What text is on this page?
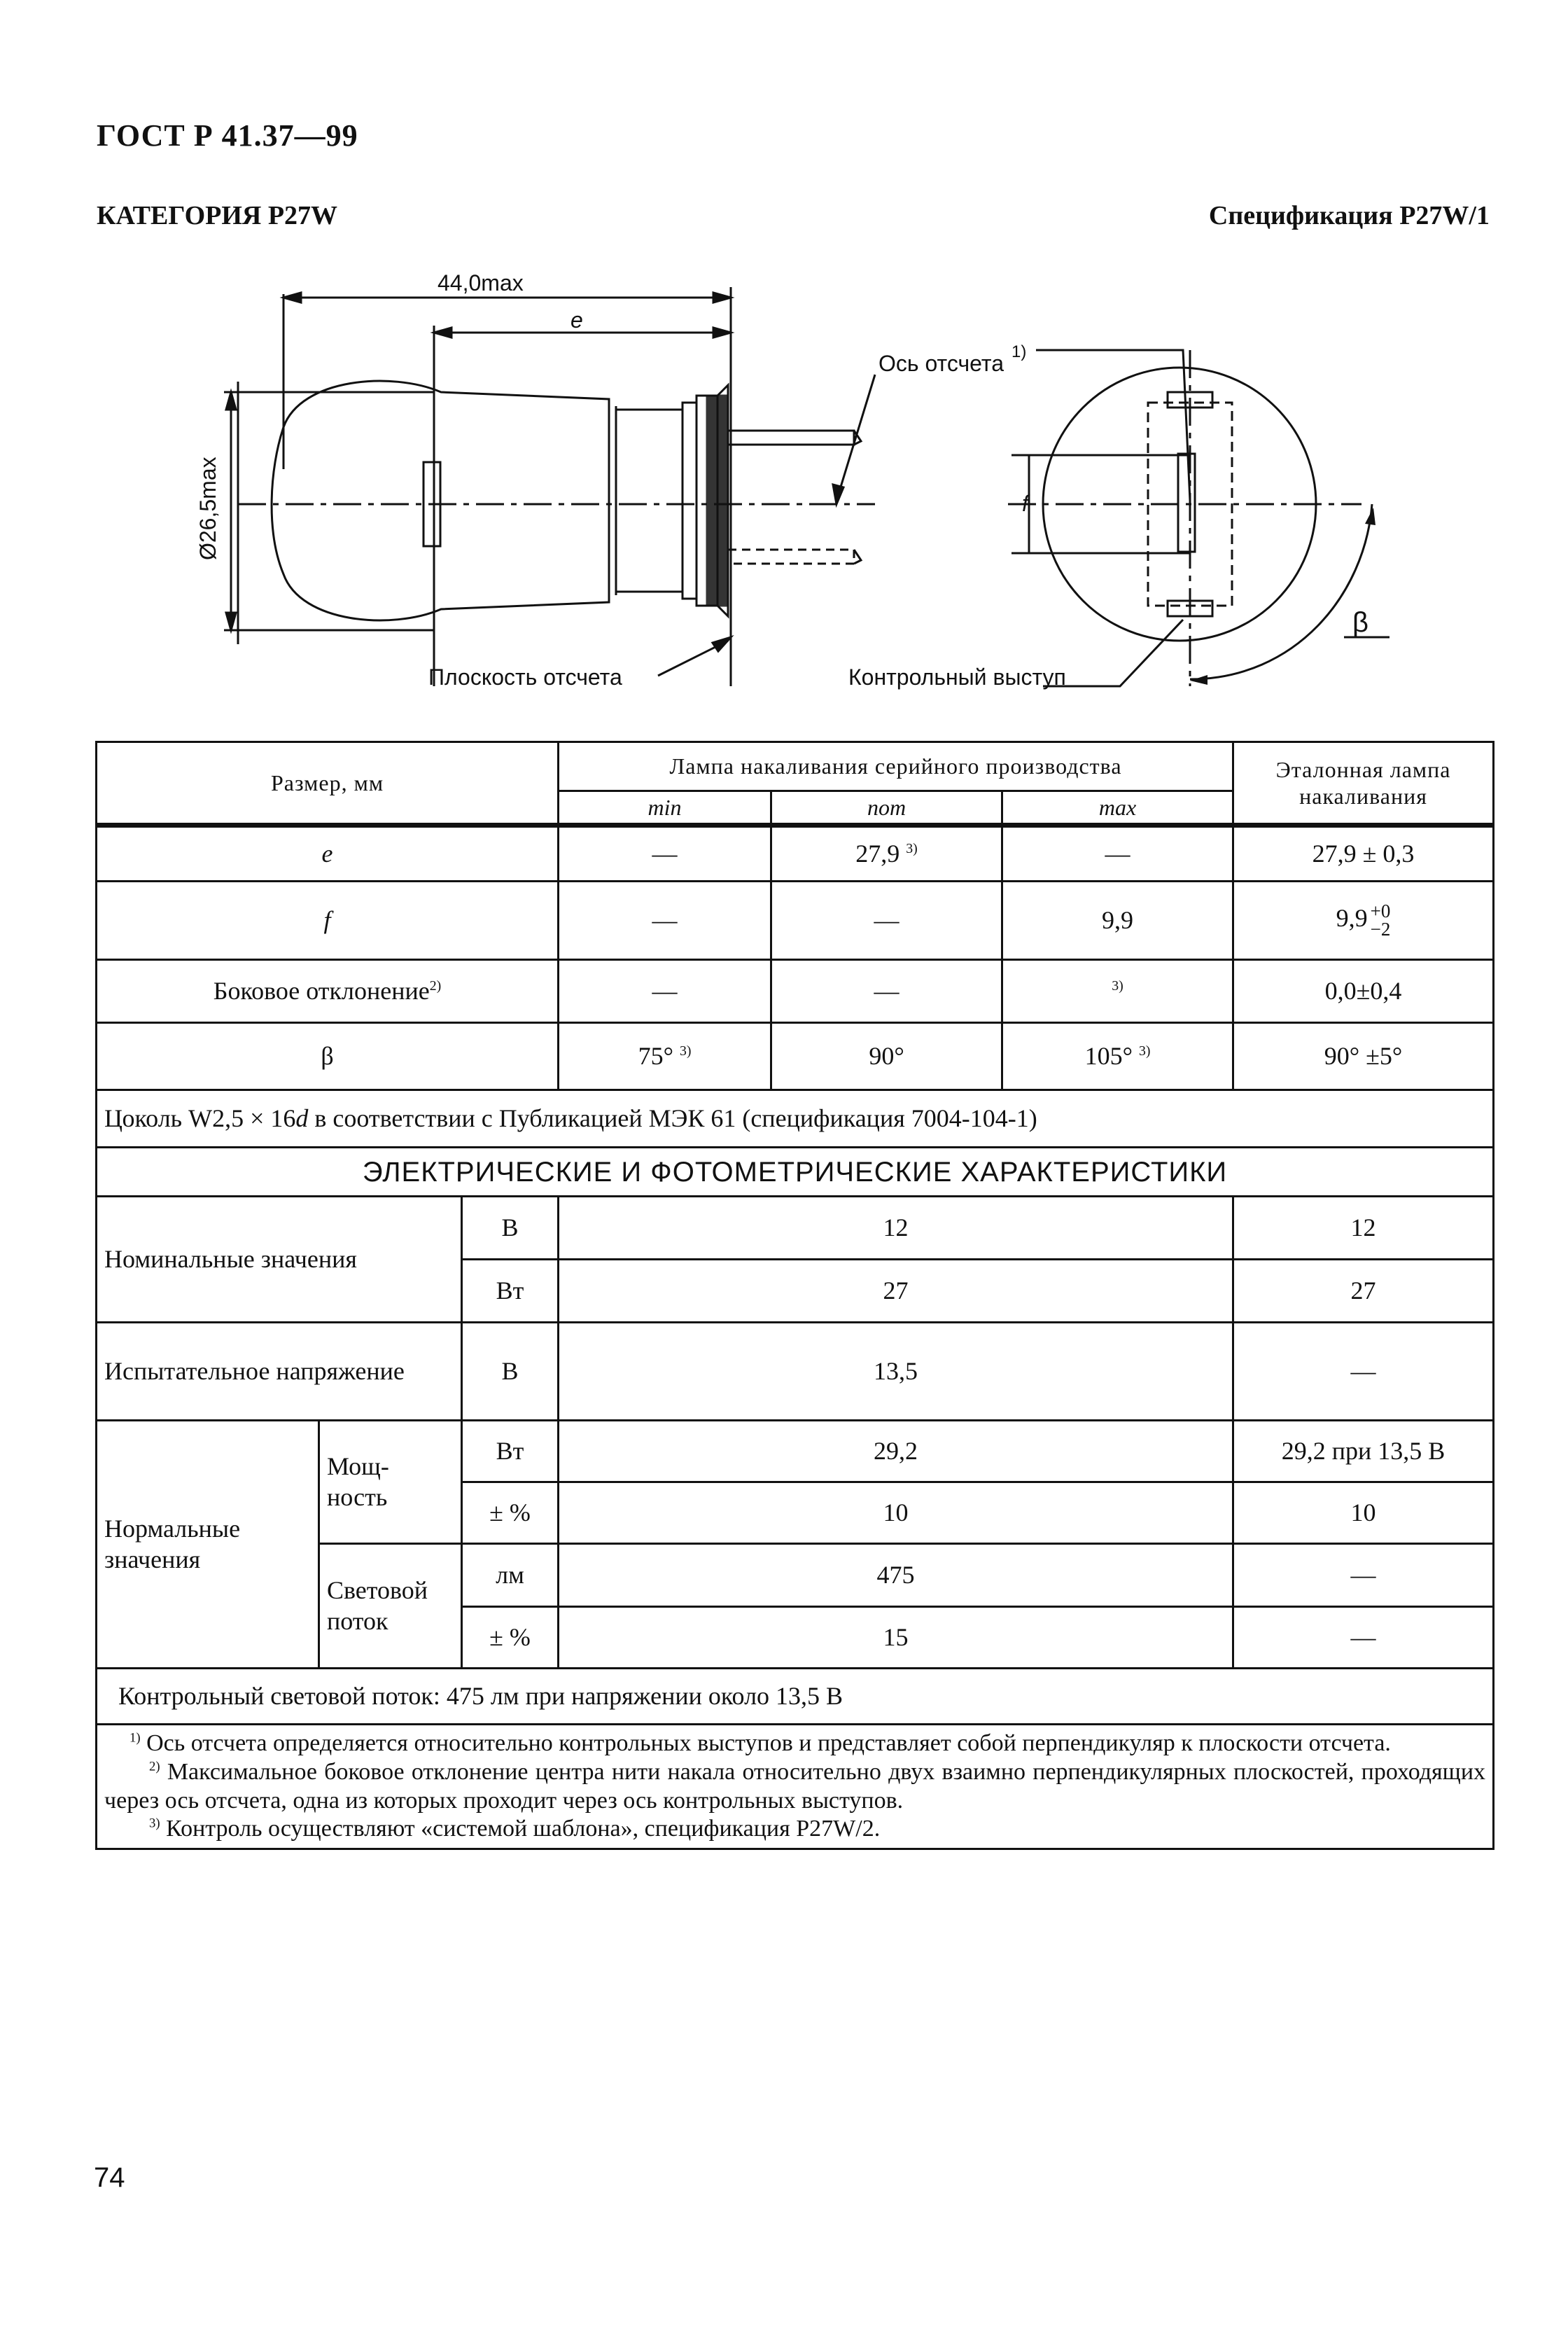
ГОСТ Р 41.37—99
КАТЕГОРИЯ P27W	Спецификация P27W/1
44,0max
e
Ø26,5max	f
Ось отсчета 1)
Плоскость отсчета	Контрольный выступ
β
Размер, мм			Лампа накаливания серийного производства			Эталонная лампа накаливания
			min	nom	max	
e			—	27,9 $^{3)}$	—	27,9 ± 0,3
f			—	—	9,9	9,9 +0
−2

Боковое отклонение$^{2)}$			—	—	$^{3)}$	0,0±0,4
β			75° $^{3)}$	90°	105° $^{3)}$	90° ±5°
Цоколь W2,5 × 16d в соответствии с Публикацией МЭК 61 (спецификация 7004-104-1)						
ЭЛЕКТРИЧЕСКИЕ И ФОТОМЕТРИЧЕСКИЕ ХАРАКТЕРИСТИКИ						
Номинальные значения		В	12			12
		Вт	27			27
Испытательное напряжение		В	13,5			—
Нормальные значения	Мощ- ность	Вт	29,2			29,2 при 13,5 В
		± %	10			10
	Световой поток	лм	475			—
		± %	15			—
Контрольный световой поток: 475 лм при напряжении около 13,5 В						

$^{1)}$ Ось отсчета определяется относительно контрольных выступов и представляет собой перпендикуляр к плоскости отсчета.

$^{2)}$ Максимальное боковое отклонение центра нити накала относительно двух взаимно перпендикулярных плоскостей, проходящих через ось отсчета, одна из которых проходит через ось контрольных выступов.

$^{3)}$ Контроль осуществляют «системой шаблона», спецификация P27W/2.						

74
